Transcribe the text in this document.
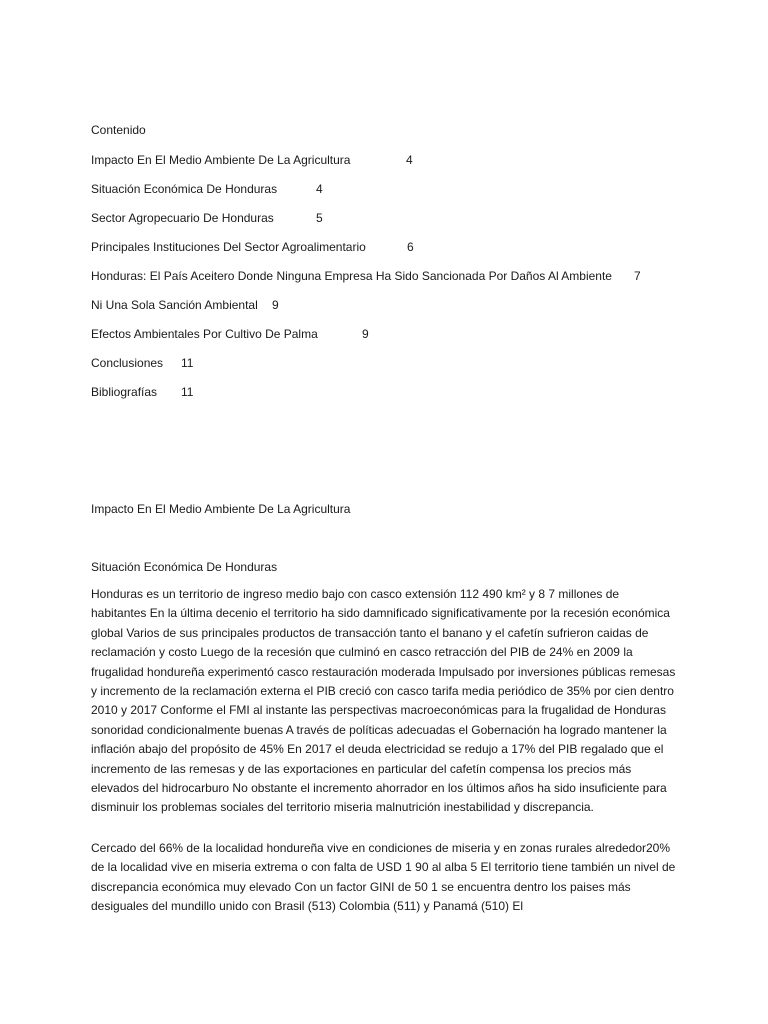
Contenido
Impacto En El Medio Ambiente De La Agricultura	4
Situación Económica De Honduras	4
Sector Agropecuario De Honduras	5
Principales Instituciones Del Sector Agroalimentario	6
Honduras: El País Aceitero Donde Ninguna Empresa Ha Sido Sancionada Por Daños Al Ambiente 7
Ni Una Sola Sanción Ambiental 9
Efectos Ambientales Por Cultivo De Palma	9
Conclusiones 11
Bibliografías 11
Impacto En El Medio Ambiente De La Agricultura
Situación Económica De Honduras

Honduras es un territorio de ingreso medio bajo con casco extensión 112 490 km² y 8 7 millones de habitantes En la última decenio el territorio ha sido damnificado significativamente por la recesión económica global Varios de sus principales productos de transacción tanto el banano y el cafetín sufrieron caidas de reclamación y costo Luego de la recesión que culminó en casco retracción del PIB de 24% en 2009 la frugalidad hondureña experimentó casco restauración moderada Impulsado por inversiones públicas remesas y incremento de la reclamación externa el PIB creció con casco tarifa media periódico de 35% por cien dentro 2010 y 2017 Conforme el FMI al instante las perspectivas macroeconómicas para la frugalidad de Honduras sonoridad condicionalmente buenas A través de políticas adecuadas el Gobernación ha logrado mantener la inflación abajo del propósito de 45% En 2017 el deuda electricidad se redujo a 17% del PIB regalado que el incremento de las remesas y de las exportaciones en particular del cafetín compensa los precios más elevados del hidrocarburo No obstante el incremento ahorrador en los últimos años ha sido insuficiente para disminuir los problemas sociales del territorio miseria malnutrición inestabilidad y discrepancia.

Cercado del 66% de la localidad hondureña vive en condiciones de miseria y en zonas rurales alrededor20% de la localidad vive en miseria extrema o con falta de USD 1 90 al alba 5 El territorio tiene también un nivel de discrepancia económica muy elevado Con un factor GINI de 50 1 se encuentra dentro los paises más desiguales del mundillo unido con Brasil (513) Colombia (511) y Panamá (510) El
